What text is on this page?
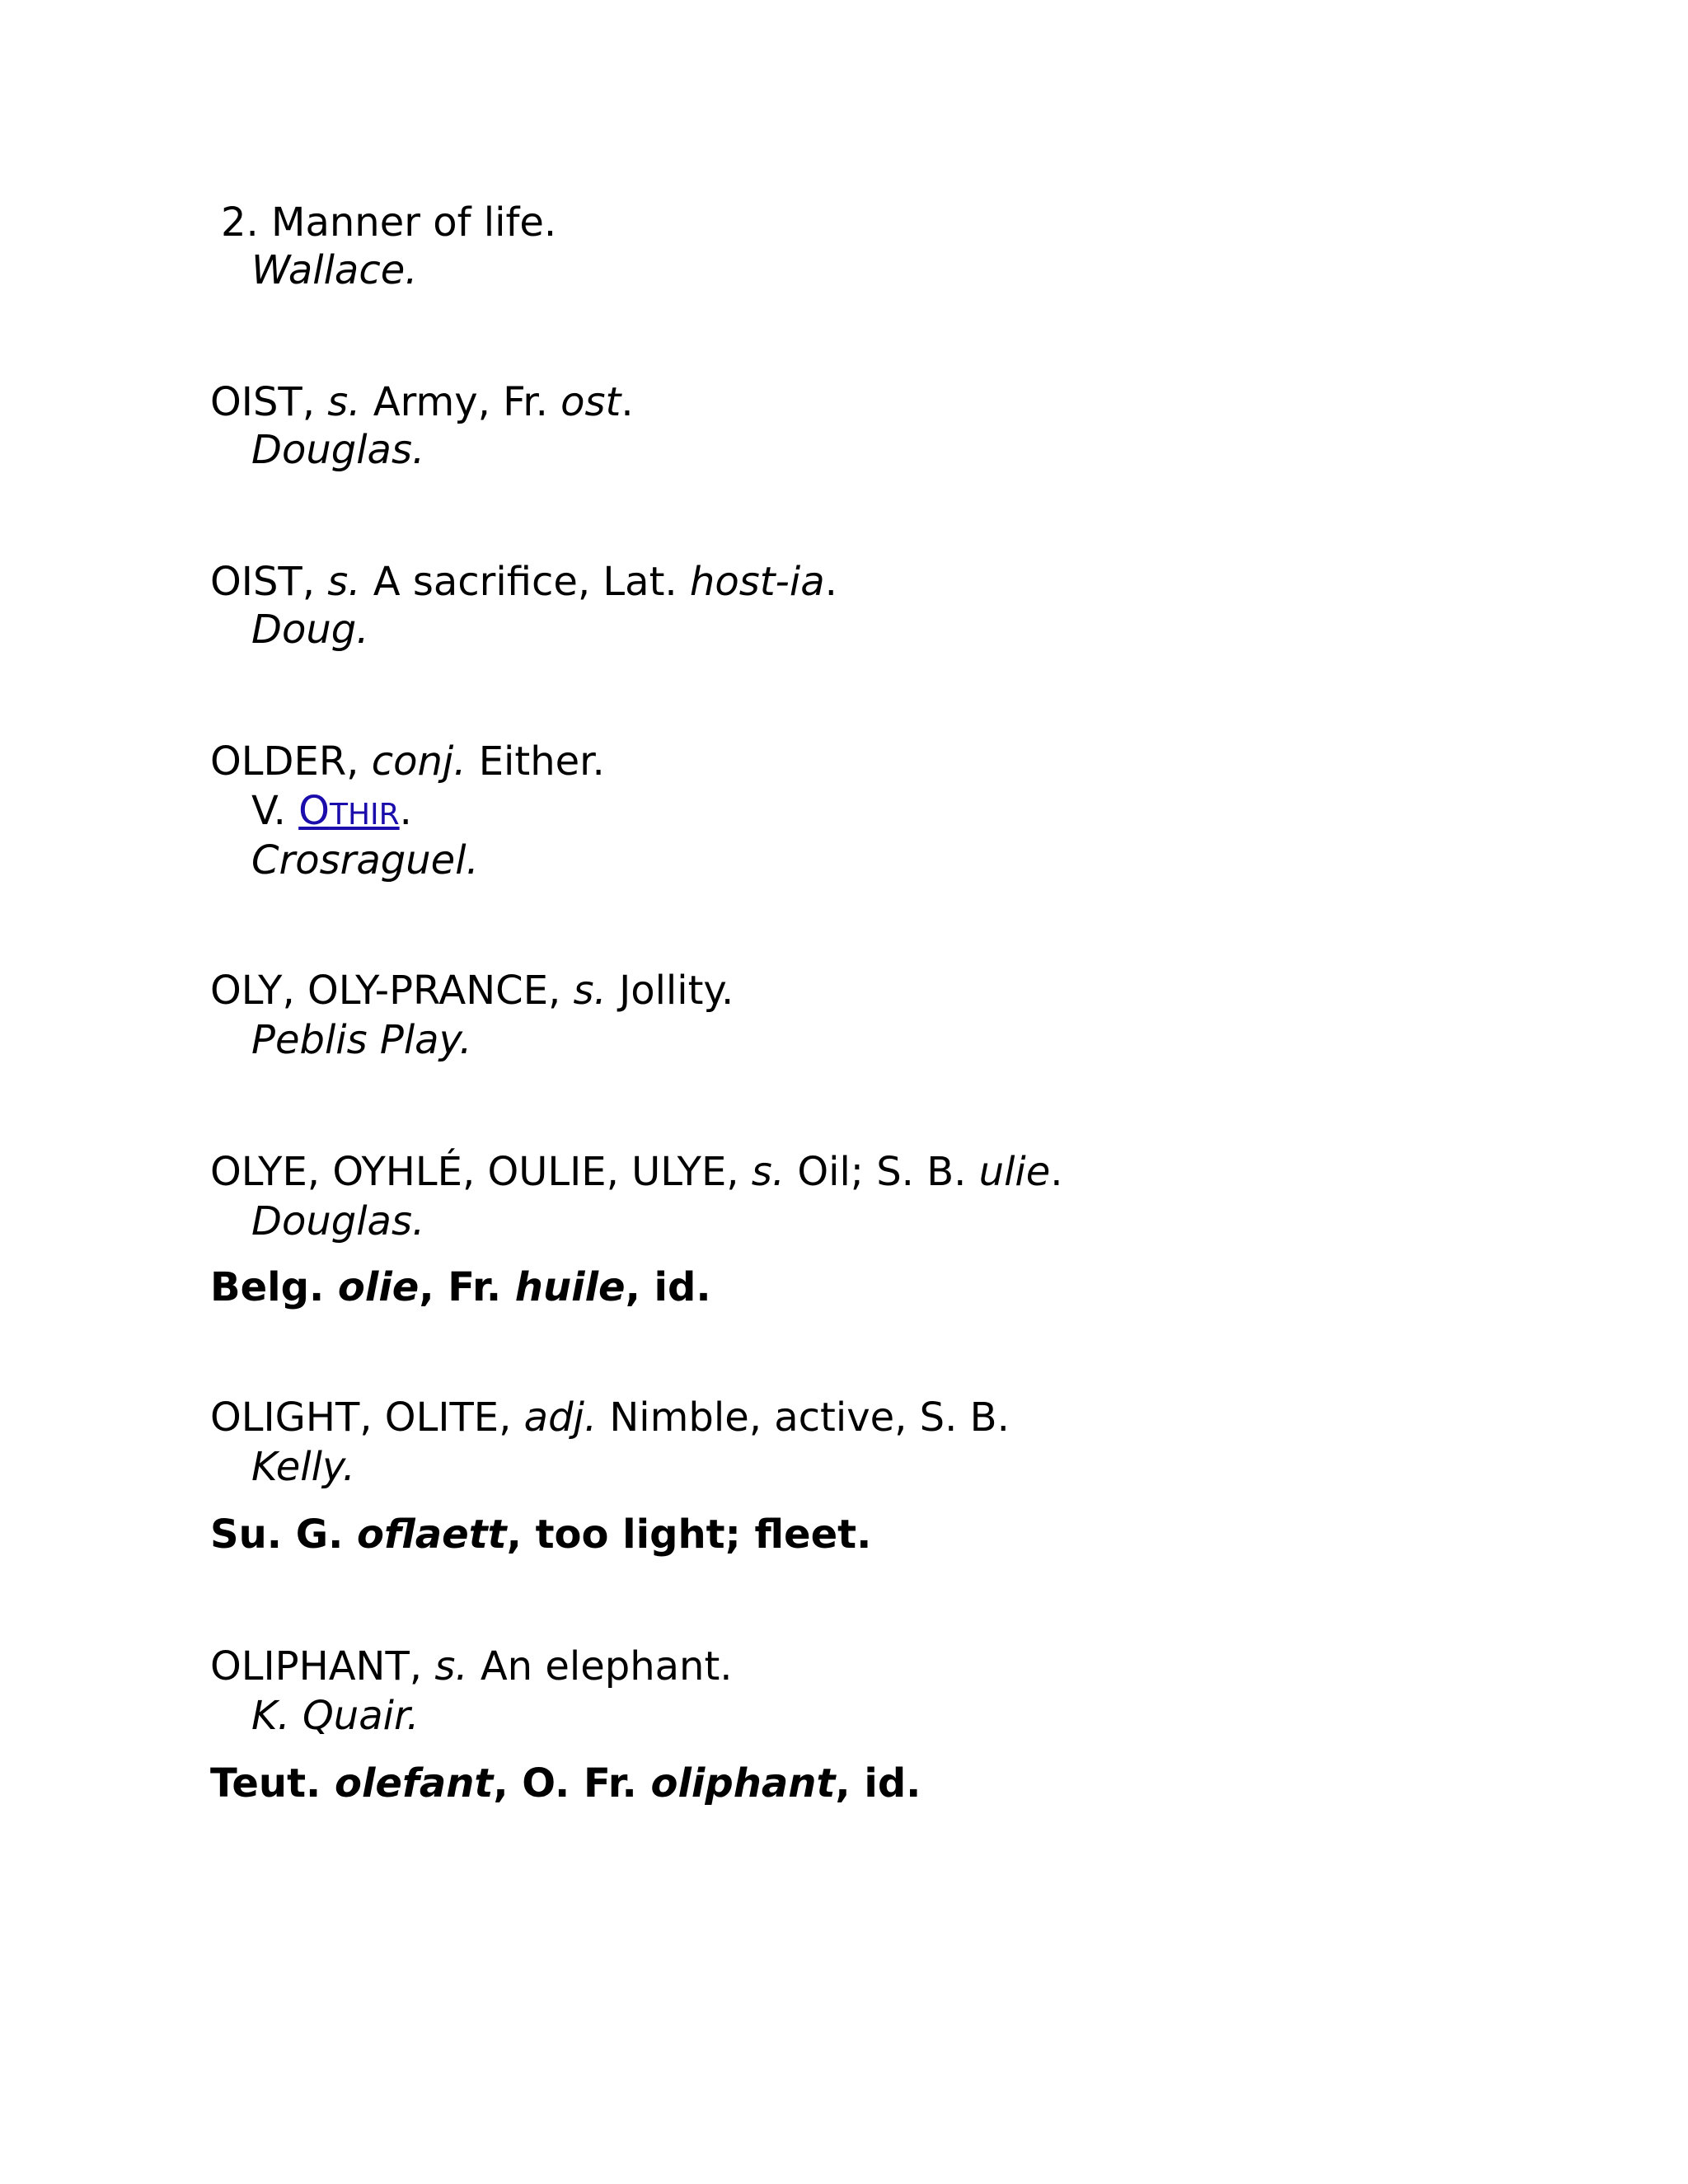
2. Manner of life.
Wallace.
OIST, s. Army, Fr. ost.
Douglas.
OIST, s. A sacrifice, Lat. host-ia.
Doug.
OLDER, conj. Either.
V. OTHIR.
Crosraguel.
OLY, OLY-PRANCE, s. Jollity.
Peblis Play.
OLYE, OYHLÉ, OULIE, ULYE, s. Oil; S. B. ulie.
Douglas.
Belg. olie, Fr. huile, id.
OLIGHT, OLITE, adj. Nimble, active, S. B.
Kelly.
Su. G. oflaett, too light; fleet.
OLIPHANT, s. An elephant.
K. Quair.
Teut. olefant, O. Fr. oliphant, id.
